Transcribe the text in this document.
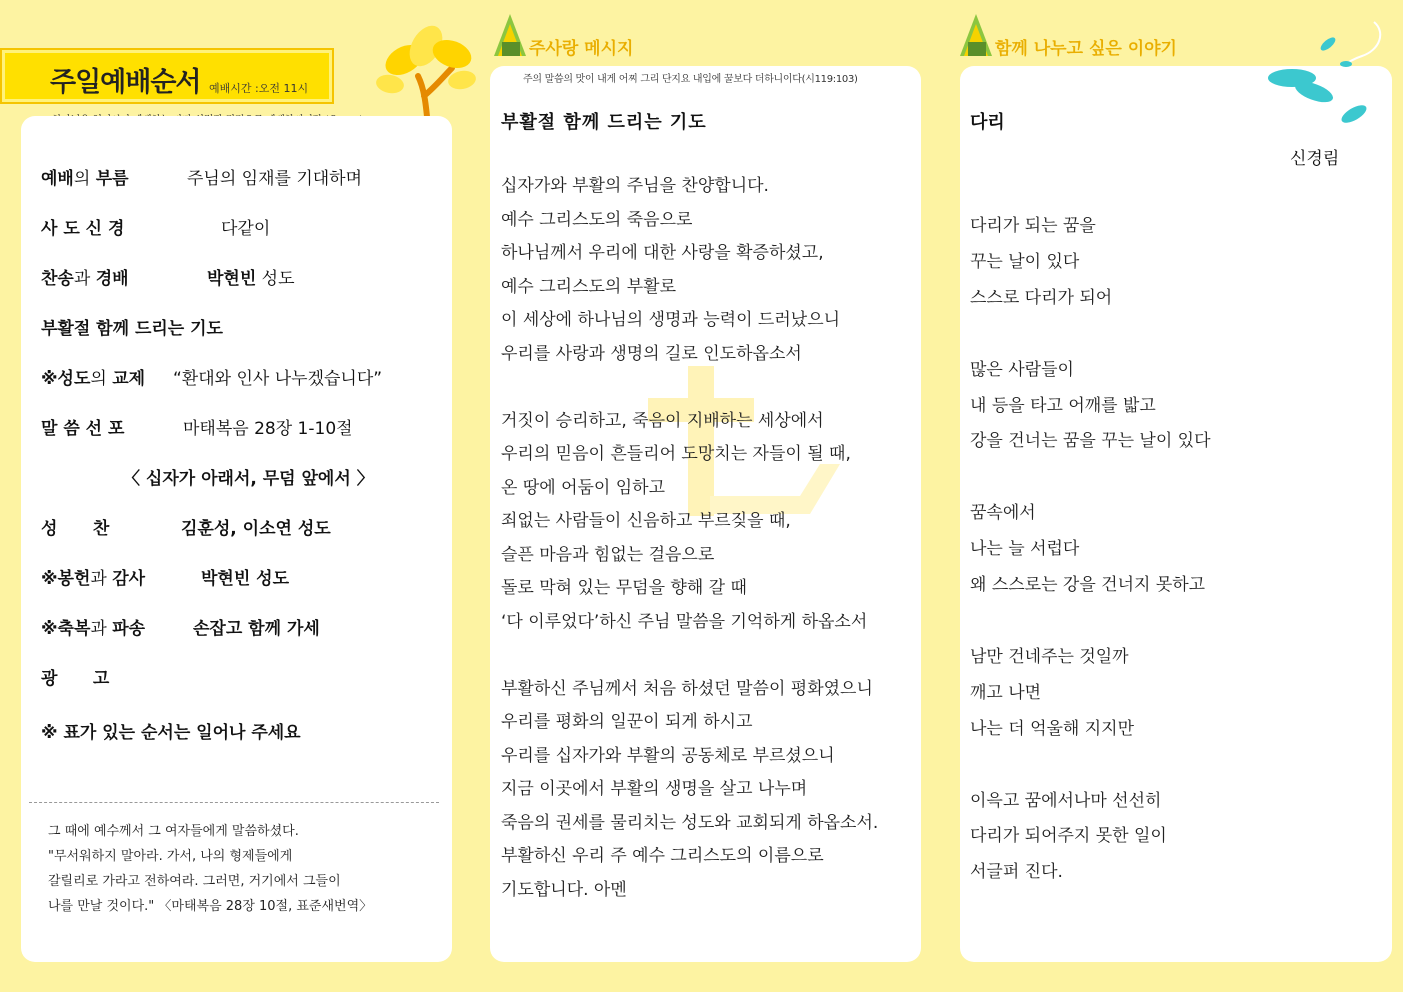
주일예배순서 예배시간 :오전 11시
예배의 부름	주님의 임재를 기대하며
사 도 신 경	다같이
찬송과 경배	박현빈 성도
부활절 함께 드리는 기도
※성도의 교제 “환대와 인사 나누겠습니다”
말 씀 선 포	마태복음 28장 1-10절
〈 십자가 아래서, 무덤 앞에서 〉
성      찬	김훈성, 이소연 성도
※봉헌과 감사	박현빈 성도
※축복과 파송	손잡고 함께 가세
광      고
※ 표가 있는 순서는 일어나 주세요
그 때에 예수께서 그 여자들에게 말씀하셨다.
"무서워하지 말아라. 가서, 나의 형제들에게
갈릴리로 가라고 전하여라. 그러면, 거기에서 그들이
나를 만날 것이다." 〈마태복음 28장 10절, 표준새번역〉
주사랑 메시지
주의 말씀의 맛이 내게 어찌 그리 단지요 내입에 꿀보다 더하니이다(시119:103)
부활절 함께 드리는 기도
십자가와 부활의 주님을 찬양합니다.
예수 그리스도의 죽음으로
하나님께서 우리에 대한 사랑을 확증하셨고,
예수 그리스도의 부활로
이 세상에 하나님의 생명과 능력이 드러났으니
우리를 사랑과 생명의 길로 인도하옵소서

거짓이 승리하고, 죽음이 지배하는 세상에서
우리의 믿음이 흔들리어 도망치는 자들이 될 때,
온 땅에 어둠이 임하고
죄없는 사람들이 신음하고 부르짖을 때,
슬픈 마음과 힘없는 걸음으로
돌로 막혀 있는 무덤을 향해 갈 때
‘다 이루었다’하신 주님 말씀을 기억하게 하옵소서

부활하신 주님께서 처음 하셨던 말씀이 평화였으니
우리를 평화의 일꾼이 되게 하시고
우리를 십자가와 부활의 공동체로 부르셨으니
지금 이곳에서 부활의 생명을 살고 나누며
죽음의 권세를 물리치는 성도와 교회되게 하옵소서.
부활하신 우리 주 예수 그리스도의 이름으로
기도합니다. 아멘
함께 나누고 싶은 이야기
다리
신경림
다리가 되는 꿈을
꾸는 날이 있다
스스로 다리가 되어

많은 사람들이
내 등을 타고 어깨를 밟고
강을 건너는 꿈을 꾸는 날이 있다

꿈속에서
나는 늘 서럽다
왜 스스로는 강을 건너지 못하고

남만 건네주는 것일까
깨고 나면
나는 더 억울해 지지만

이윽고 꿈에서나마 선선히
다리가 되어주지 못한 일이
서글퍼 진다.
